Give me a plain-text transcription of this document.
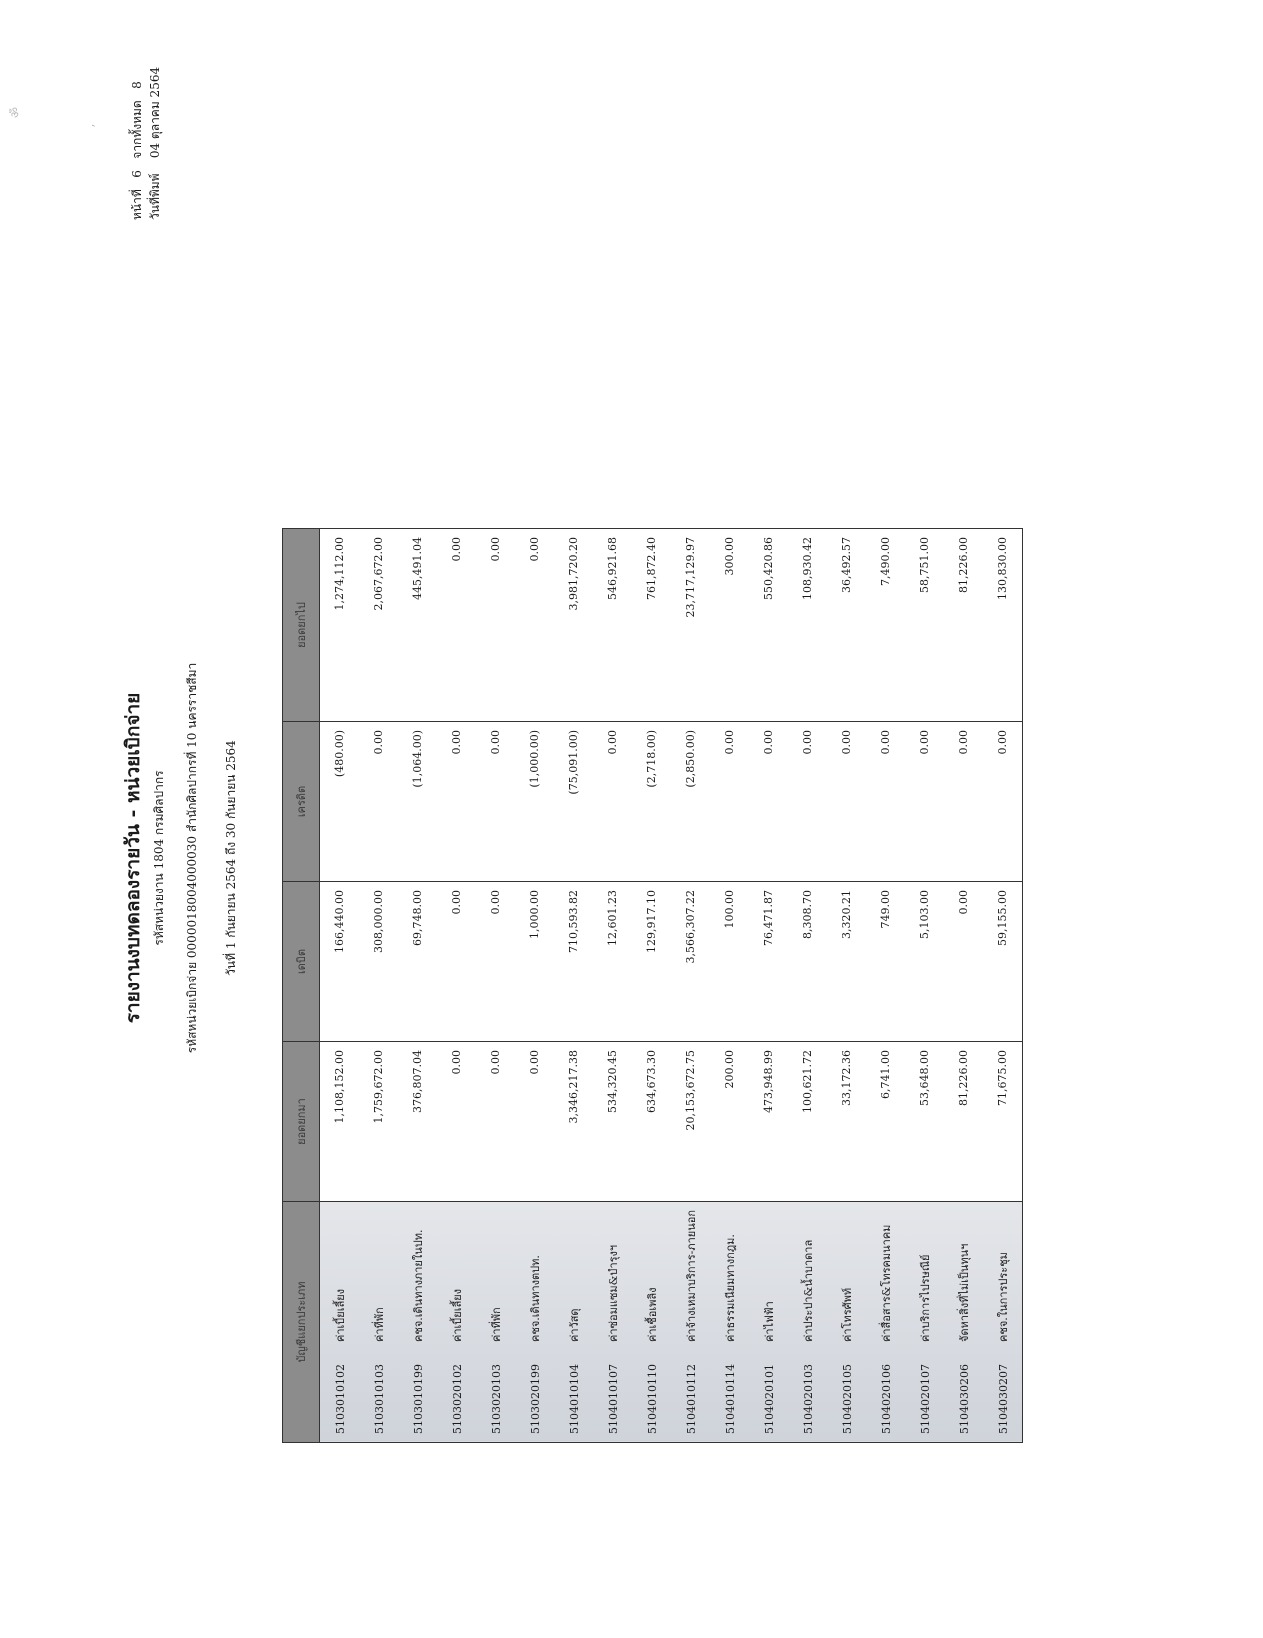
ॐ
ʼ
รายงานงบทดลองรายวัน - หน่วยเบิกจ่าย รหัสหน่วยงาน 1804 กรมศิลปากร รหัสหน่วยเบิกจ่าย 0000018004000030 สำนักศิลปากรที่ 10 นครราชสีมา วันที่ 1 กันยายน 2564 ถึง 30 กันยายน 2564
หน้าที่   6   จากทั้งหมด   8 วันที่พิมพ์    04 ตุลาคม 2564
บัญชีแยกประเภท	ยอดยกมา	เดบิต	เครดิต	ยอดยกไป
5103010102ค่าเบี้ยเลี้ยง	1,108,152.00	166,440.00	(480.00)	1,274,112.00
5103010103ค่าที่พัก	1,759,672.00	308,000.00	0.00	2,067,672.00
5103010199คชจ.เดินทางภายในปท.	376,807.04	69,748.00	(1,064.00)	445,491.04
5103020102ค่าเบี้ยเลี้ยง	0.00	0.00	0.00	0.00
5103020103ค่าที่พัก	0.00	0.00	0.00	0.00
5103020199คชจ.เดินทางตปท.	0.00	1,000.00	(1,000.00)	0.00
5104010104ค่าวัสดุ	3,346,217.38	710,593.82	(75,091.00)	3,981,720.20
5104010107ค่าซ่อมแซม&บำรุงฯ	534,320.45	12,601.23	0.00	546,921.68
5104010110ค่าเชื้อเพลิง	634,673.30	129,917.10	(2,718.00)	761,872.40
5104010112ค่าจ้างเหมาบริการ-ภายนอก	20,153,672.75	3,566,307.22	(2,850.00)	23,717,129.97
5104010114ค่าธรรมเนียมทางกฎม.	200.00	100.00	0.00	300.00
5104020101ค่าไฟฟ้า	473,948.99	76,471.87	0.00	550,420.86
5104020103ค่าประปา&น้ำบาดาล	100,621.72	8,308.70	0.00	108,930.42
5104020105ค่าโทรศัพท์	33,172.36	3,320.21	0.00	36,492.57
5104020106ค่าสื่อสาร&โทรคมนาคม	6,741.00	749.00	0.00	7,490.00
5104020107ค่าบริการไปรษณีย์	53,648.00	5,103.00	0.00	58,751.00
5104030206จัดหาสิ่งที่ไม่เป็นทุนฯ	81,226.00	0.00	0.00	81,226.00
5104030207คชจ.ในการประชุม	71,675.00	59,155.00	0.00	130,830.00
